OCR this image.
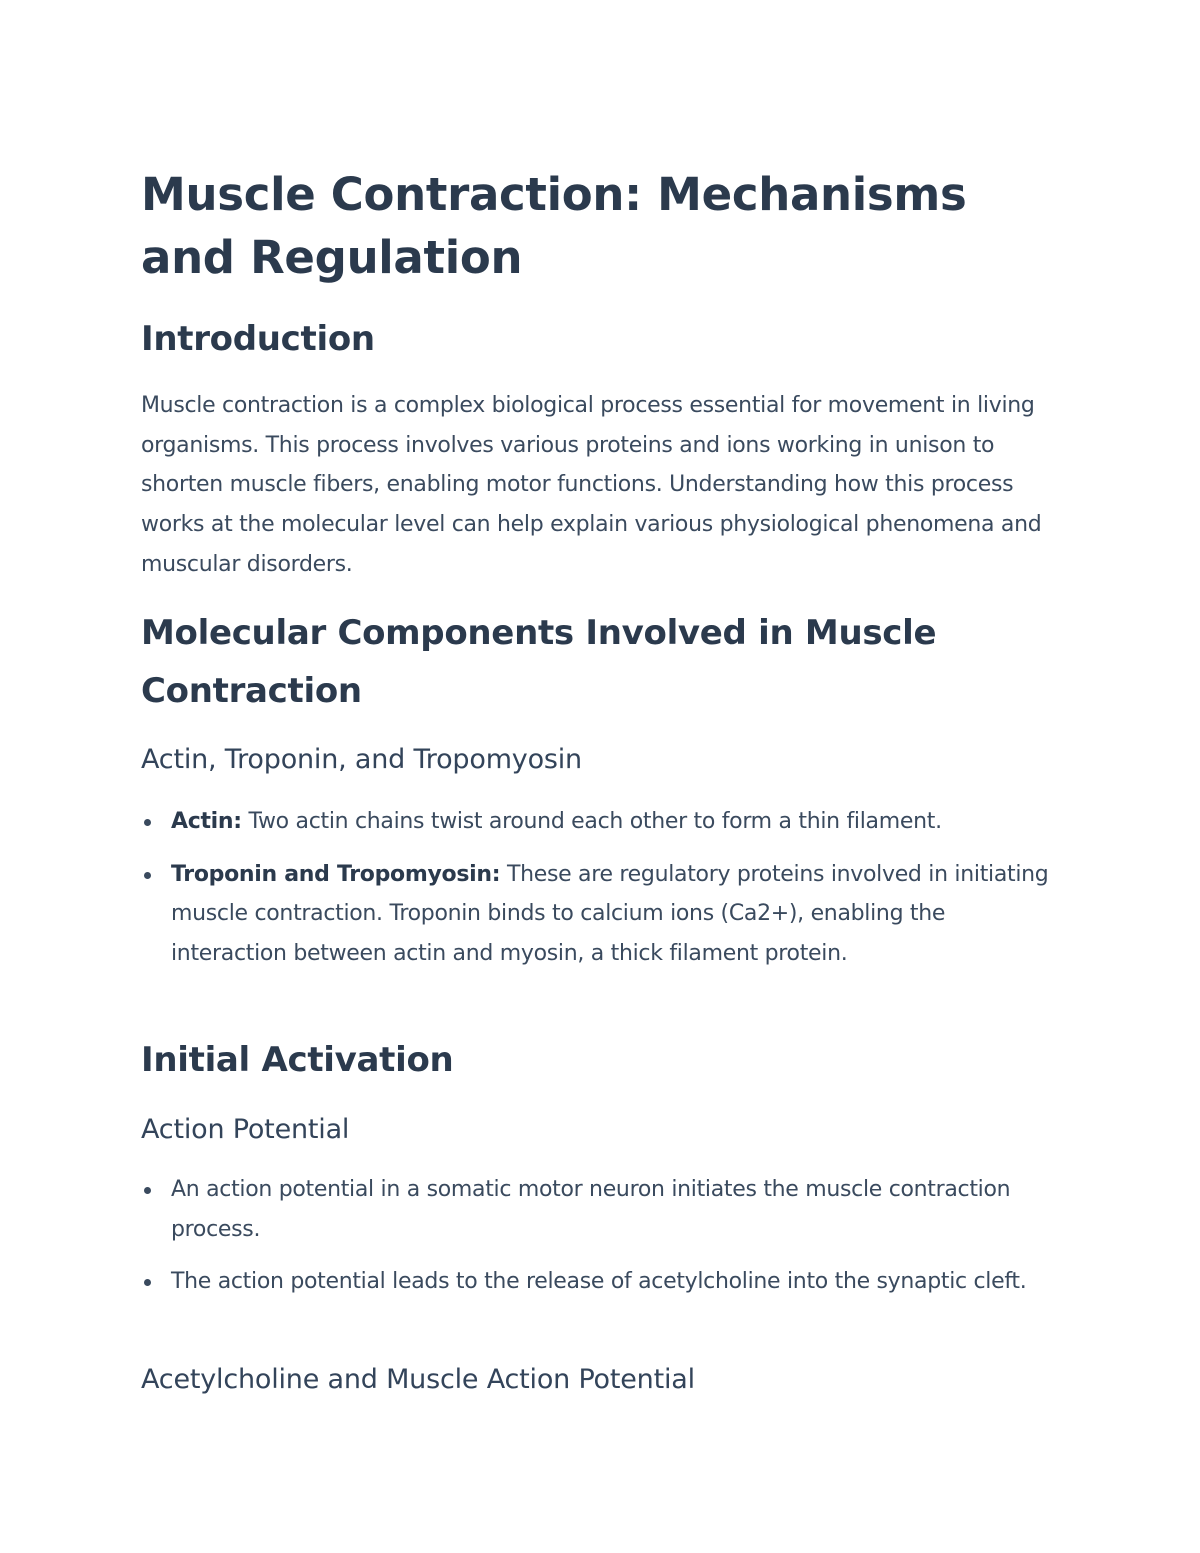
Muscle Contraction: Mechanisms and Regulation
Introduction

Muscle contraction is a complex biological process essential for movement in living organisms. This process involves various proteins and ions working in unison to shorten muscle fibers, enabling motor functions. Understanding how this process works at the molecular level can help explain various physiological phenomena and muscular disorders.

Molecular Components Involved in Muscle Contraction
Actin, Troponin, and Tropomyosin
Actin: Two actin chains twist around each other to form a thin filament.
Troponin and Tropomyosin: These are regulatory proteins involved in initiating muscle contraction. Troponin binds to calcium ions (Ca2+), enabling the interaction between actin and myosin, a thick filament protein.
Initial Activation
Action Potential
An action potential in a somatic motor neuron initiates the muscle contraction process.
The action potential leads to the release of acetylcholine into the synaptic cleft.
Acetylcholine and Muscle Action Potential
